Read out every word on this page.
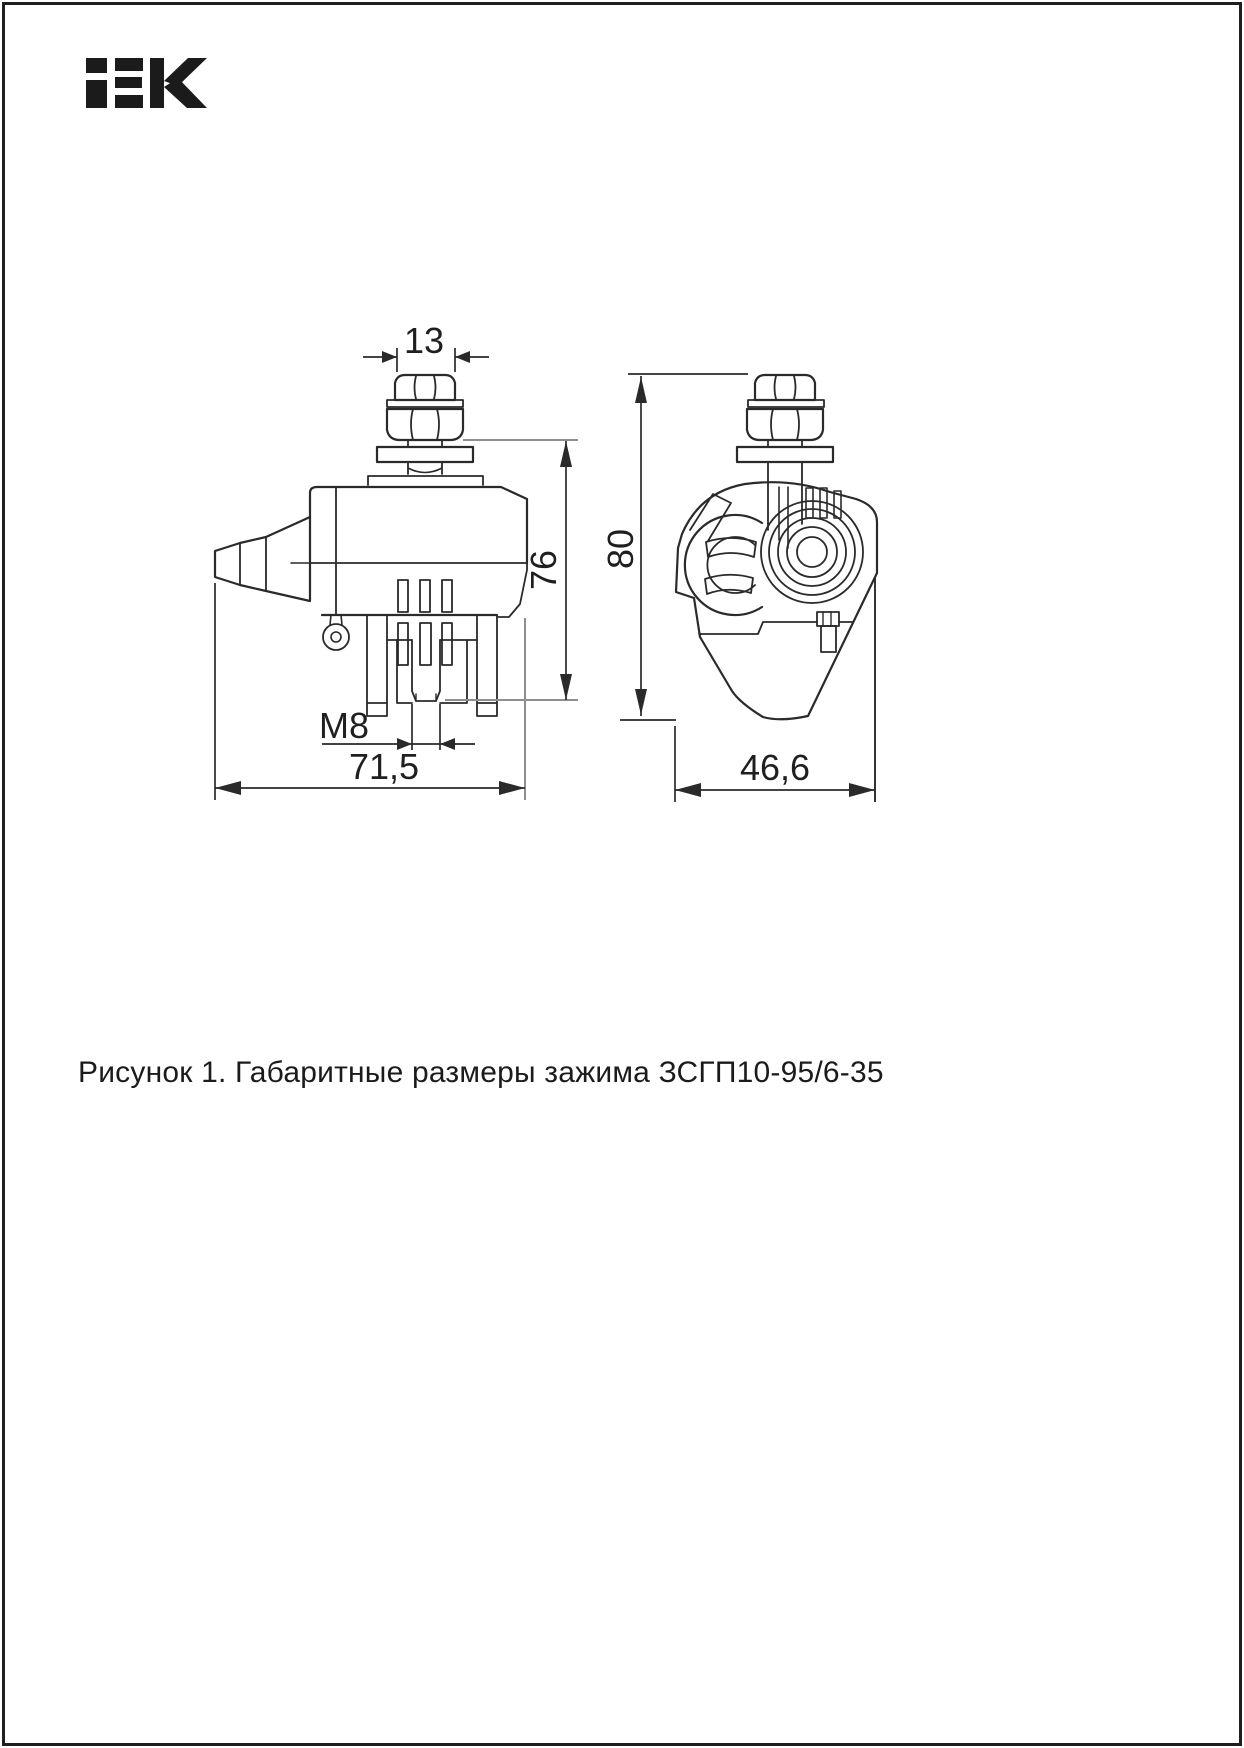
13
76
M8
71,5
80
46,6

Рисунок 1. Габаритные размеры зажима ЗСГП10-95/6-35
